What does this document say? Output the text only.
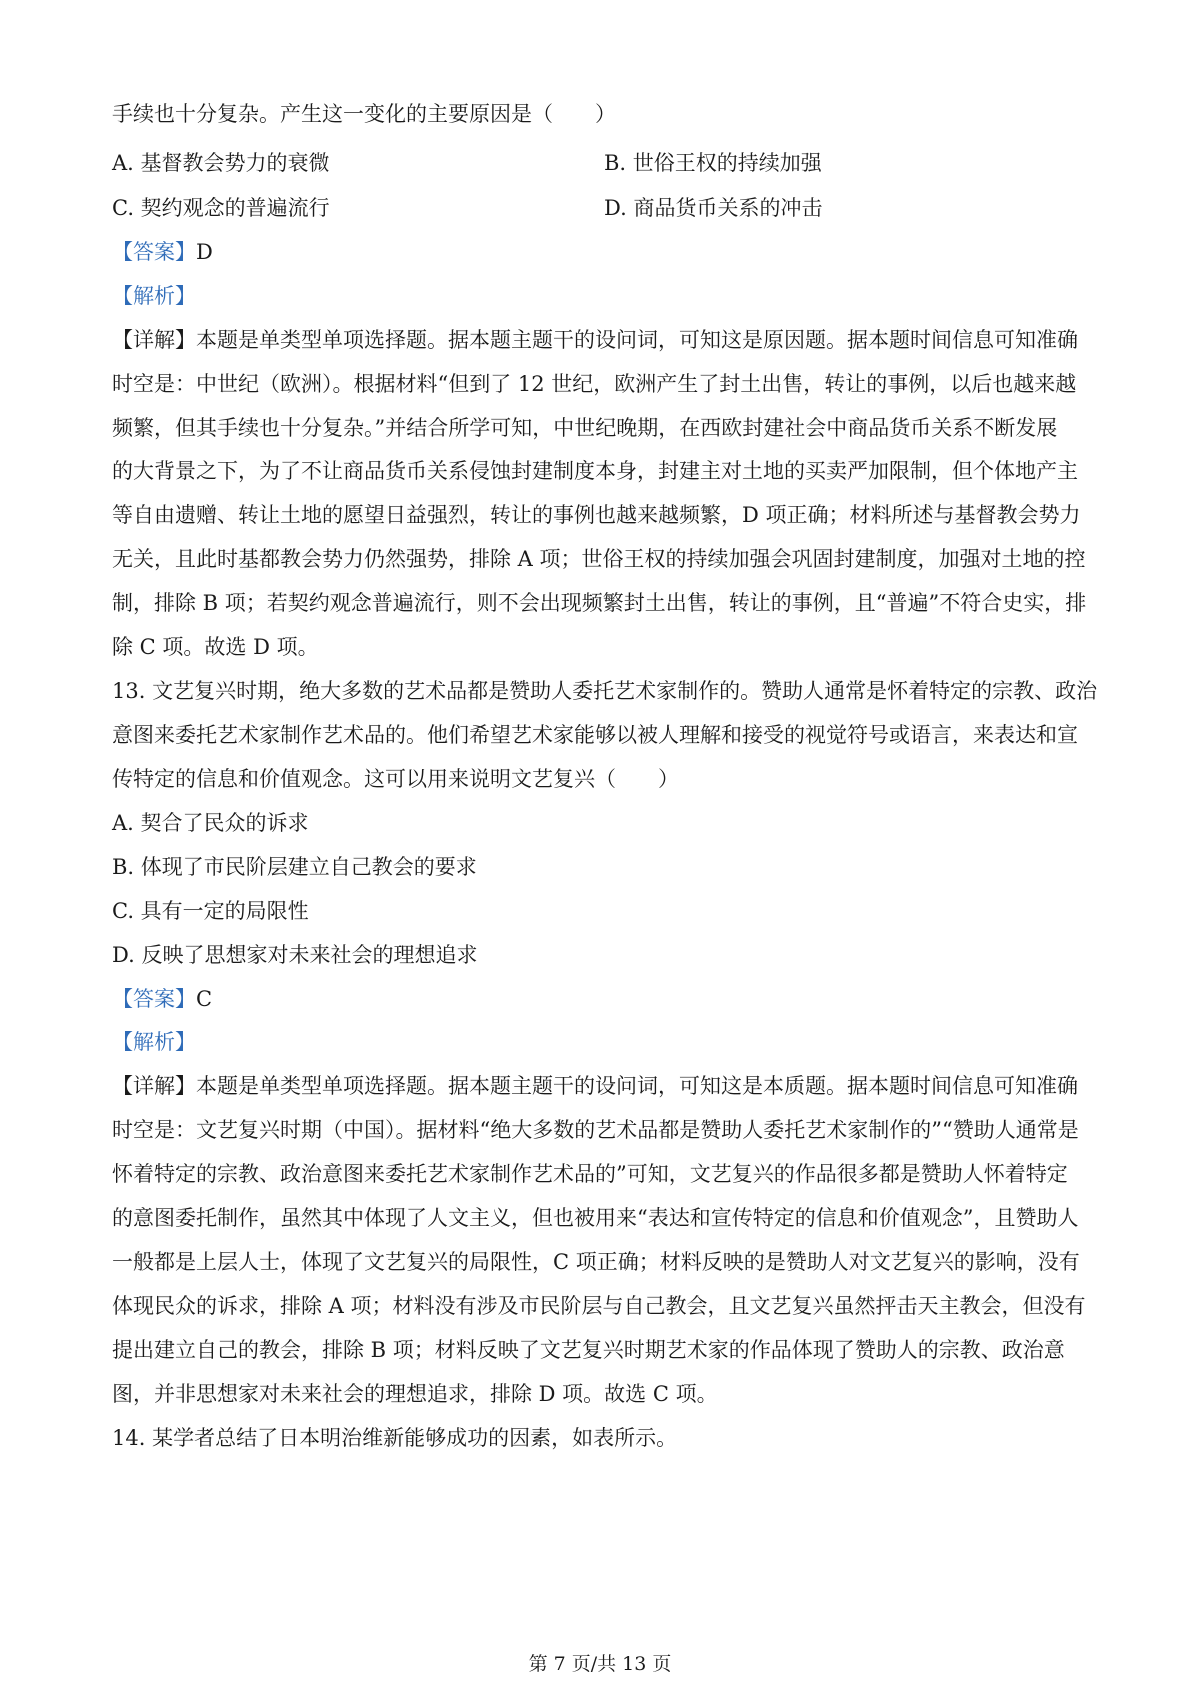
手续也十分复杂。产生这一变化的主要原因是（　　）
A. 基督教会势力的衰微	B. 世俗王权的持续加强
C. 契约观念的普遍流行	D. 商品货币关系的冲击
【答案】D
【解析】
【详解】本题是单类型单项选择题。据本题主题干的设问词，可知这是原因题。据本题时间信息可知准确
时空是：中世纪（欧洲）。根据材料“但到了 12 世纪，欧洲产生了封土出售，转让的事例，以后也越来越
频繁，但其手续也十分复杂。”并结合所学可知，中世纪晚期，在西欧封建社会中商品货币关系不断发展
的大背景之下，为了不让商品货币关系侵蚀封建制度本身，封建主对土地的买卖严加限制，但个体地产主
等自由遗赠、转让土地的愿望日益强烈，转让的事例也越来越频繁，D 项正确；材料所述与基督教会势力
无关，且此时基都教会势力仍然强势，排除 A 项；世俗王权的持续加强会巩固封建制度，加强对土地的控
制，排除 B 项；若契约观念普遍流行，则不会出现频繁封土出售，转让的事例，且“普遍”不符合史实，排
除 C 项。故选 D 项。
13. 文艺复兴时期，绝大多数的艺术品都是赞助人委托艺术家制作的。赞助人通常是怀着特定的宗教、政治
意图来委托艺术家制作艺术品的。他们希望艺术家能够以被人理解和接受的视觉符号或语言，来表达和宣
传特定的信息和价值观念。这可以用来说明文艺复兴（　　）
A. 契合了民众的诉求
B. 体现了市民阶层建立自己教会的要求
C. 具有一定的局限性
D. 反映了思想家对未来社会的理想追求
【答案】C
【解析】
【详解】本题是单类型单项选择题。据本题主题干的设问词，可知这是本质题。据本题时间信息可知准确
时空是：文艺复兴时期（中国）。据材料“绝大多数的艺术品都是赞助人委托艺术家制作的”“赞助人通常是
怀着特定的宗教、政治意图来委托艺术家制作艺术品的”可知，文艺复兴的作品很多都是赞助人怀着特定
的意图委托制作，虽然其中体现了人文主义，但也被用来“表达和宣传特定的信息和价值观念”，且赞助人
一般都是上层人士，体现了文艺复兴的局限性，C 项正确；材料反映的是赞助人对文艺复兴的影响，没有
体现民众的诉求，排除 A 项；材料没有涉及市民阶层与自己教会，且文艺复兴虽然抨击天主教会，但没有
提出建立自己的教会，排除 B 项；材料反映了文艺复兴时期艺术家的作品体现了赞助人的宗教、政治意
图，并非思想家对未来社会的理想追求，排除 D 项。故选 C 项。
14. 某学者总结了日本明治维新能够成功的因素，如表所示。
第 7 页/共 13 页
